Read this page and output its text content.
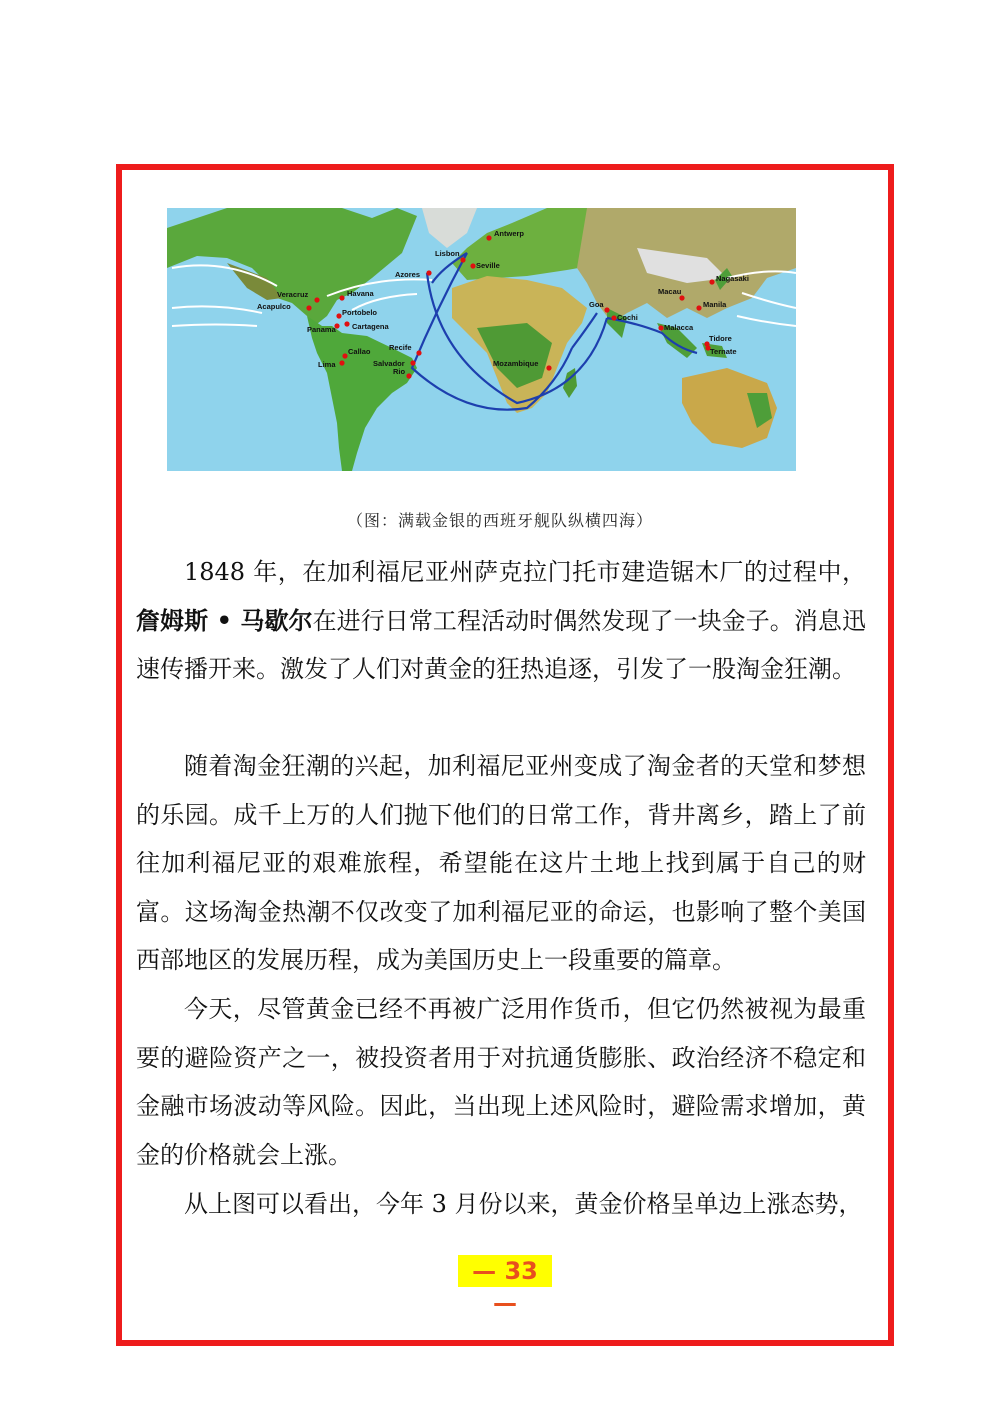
Antwerp
Lisbon
Seville
Azores
Havana
Veracruz
Acapulco
Portobelo
Panama Cartagena
Callao
Lima
Recife
Salvador
Rio
Mozambique
Goa
Cochi
Malacca
Macau
Manila
Nagasaki
Tidore
Ternate
（图：满载金银的西班牙舰队纵横四海）

1848 年，在加利福尼亚州萨克拉门托市建造锯木厂的过程中，詹姆斯 • 马歇尔在进行日常工程活动时偶然发现了一块金子。消息迅速传播开来。激发了人们对黄金的狂热追逐，引发了一股淘金狂潮。

随着淘金狂潮的兴起，加利福尼亚州变成了淘金者的天堂和梦想的乐园。成千上万的人们抛下他们的日常工作，背井离乡，踏上了前往加利福尼亚的艰难旅程，希望能在这片土地上找到属于自己的财富。这场淘金热潮不仅改变了加利福尼亚的命运，也影响了整个美国西部地区的发展历程，成为美国历史上一段重要的篇章。

今天，尽管黄金已经不再被广泛用作货币，但它仍然被视为最重要的避险资产之一，被投资者用于对抗通货膨胀、政治经济不稳定和金融市场波动等风险。因此，当出现上述风险时，避险需求增加，黄金的价格就会上涨。

从上图可以看出，今年 3 月份以来，黄金价格呈单边上涨态势，

— 33 —
